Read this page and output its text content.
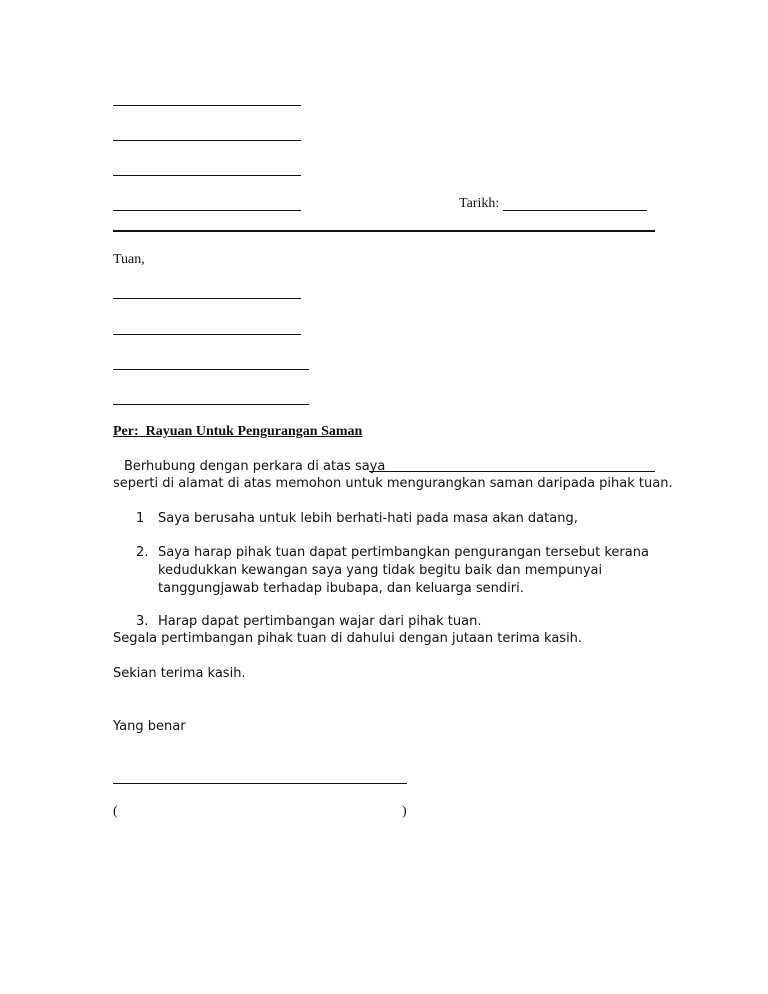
Tarikh:
Tuan,
Per: Rayuan Untuk Pengurangan Saman
Berhubung dengan perkara di atas saya
seperti di alamat di atas memohon untuk mengurangkan saman daripada pihak tuan.
1 Saya berusaha untuk lebih berhati-hati pada masa akan datang,
2. Saya harap pihak tuan dapat pertimbangkan pengurangan tersebut kerana
kedudukkan kewangan saya yang tidak begitu baik dan mempunyai
tanggungjawab terhadap ibubapa, dan keluarga sendiri.
3. Harap dapat pertimbangan wajar dari pihak tuan.
Segala pertimbangan pihak tuan di dahului dengan jutaan terima kasih.
Sekian terima kasih.
Yang benar
(	)
